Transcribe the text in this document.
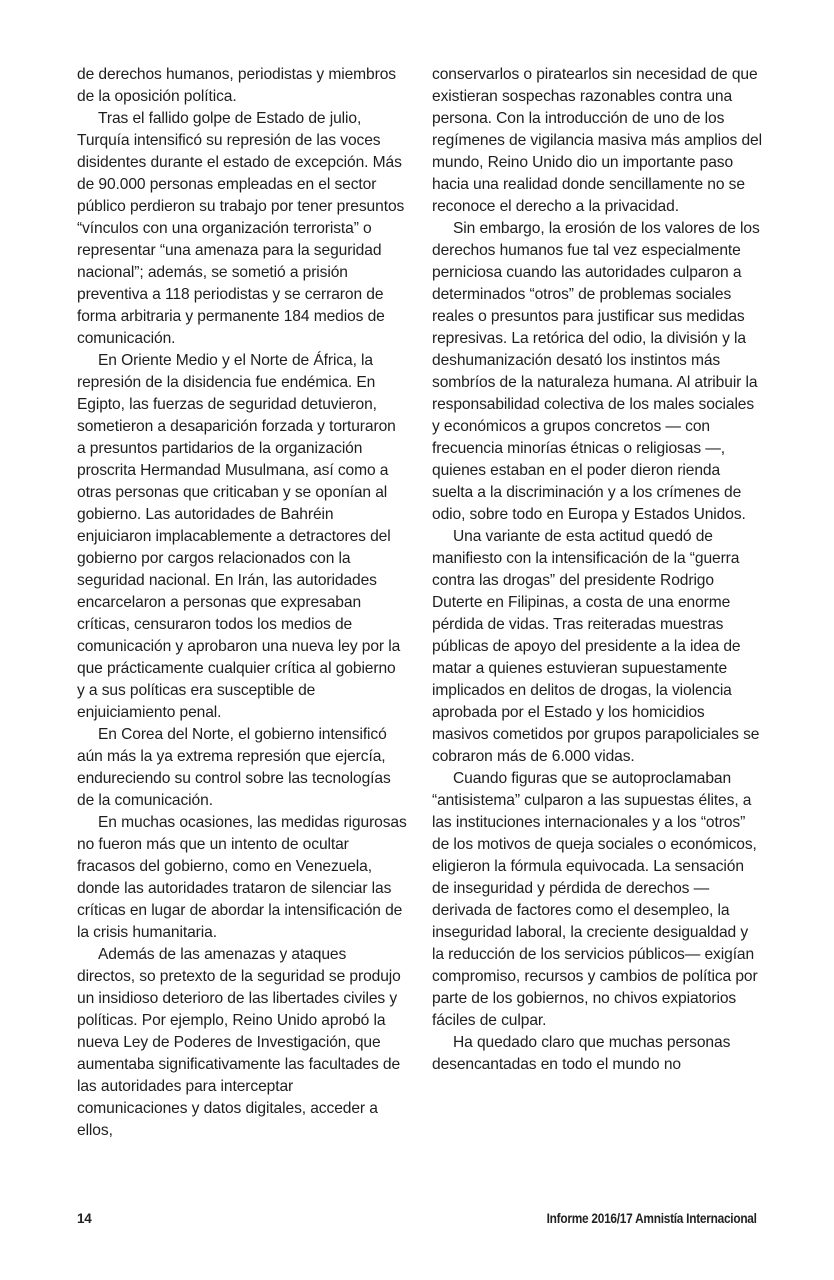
de derechos humanos, periodistas y miembros de la oposición política.

Tras el fallido golpe de Estado de julio, Turquía intensificó su represión de las voces disidentes durante el estado de excepción. Más de 90.000 personas empleadas en el sector público perdieron su trabajo por tener presuntos “vínculos con una organización terrorista” o representar “una amenaza para la seguridad nacional”; además, se sometió a prisión preventiva a 118 periodistas y se cerraron de forma arbitraria y permanente 184 medios de comunicación.

En Oriente Medio y el Norte de África, la represión de la disidencia fue endémica. En Egipto, las fuerzas de seguridad detuvieron, sometieron a desaparición forzada y torturaron a presuntos partidarios de la organización proscrita Hermandad Musulmana, así como a otras personas que criticaban y se oponían al gobierno. Las autoridades de Bahréin enjuiciaron implacablemente a detractores del gobierno por cargos relacionados con la seguridad nacional. En Irán, las autoridades encarcelaron a personas que expresaban críticas, censuraron todos los medios de comunicación y aprobaron una nueva ley por la que prácticamente cualquier crítica al gobierno y a sus políticas era susceptible de enjuiciamiento penal.

En Corea del Norte, el gobierno intensificó aún más la ya extrema represión que ejercía, endureciendo su control sobre las tecnologías de la comunicación.

En muchas ocasiones, las medidas rigurosas no fueron más que un intento de ocultar fracasos del gobierno, como en Venezuela, donde las autoridades trataron de silenciar las críticas en lugar de abordar la intensificación de la crisis humanitaria.

Además de las amenazas y ataques directos, so pretexto de la seguridad se produjo un insidioso deterioro de las libertades civiles y políticas. Por ejemplo, Reino Unido aprobó la nueva Ley de Poderes de Investigación, que aumentaba significativamente las facultades de las autoridades para interceptar comunicaciones y datos digitales, acceder a ellos,

conservarlos o piratearlos sin necesidad de que existieran sospechas razonables contra una persona. Con la introducción de uno de los regímenes de vigilancia masiva más amplios del mundo, Reino Unido dio un importante paso hacia una realidad donde sencillamente no se reconoce el derecho a la privacidad.

Sin embargo, la erosión de los valores de los derechos humanos fue tal vez especialmente perniciosa cuando las autoridades culparon a determinados “otros” de problemas sociales reales o presuntos para justificar sus medidas represivas. La retórica del odio, la división y la deshumanización desató los instintos más sombríos de la naturaleza humana. Al atribuir la responsabilidad colectiva de los males sociales y económicos a grupos concretos — con frecuencia minorías étnicas o religiosas —, quienes estaban en el poder dieron rienda suelta a la discriminación y a los crímenes de odio, sobre todo en Europa y Estados Unidos.

Una variante de esta actitud quedó de manifiesto con la intensificación de la “guerra contra las drogas” del presidente Rodrigo Duterte en Filipinas, a costa de una enorme pérdida de vidas. Tras reiteradas muestras públicas de apoyo del presidente a la idea de matar a quienes estuvieran supuestamente implicados en delitos de drogas, la violencia aprobada por el Estado y los homicidios masivos cometidos por grupos parapoliciales se cobraron más de 6.000 vidas.

Cuando figuras que se autoproclamaban “antisistema” culparon a las supuestas élites, a las instituciones internacionales y a los “otros” de los motivos de queja sociales o económicos, eligieron la fórmula equivocada. La sensación de inseguridad y pérdida de derechos —derivada de factores como el desempleo, la inseguridad laboral, la creciente desigualdad y la reducción de los servicios públicos— exigían compromiso, recursos y cambios de política por parte de los gobiernos, no chivos expiatorios fáciles de culpar.

Ha quedado claro que muchas personas desencantadas en todo el mundo no

14	Informe 2016/17 Amnistía Internacional
